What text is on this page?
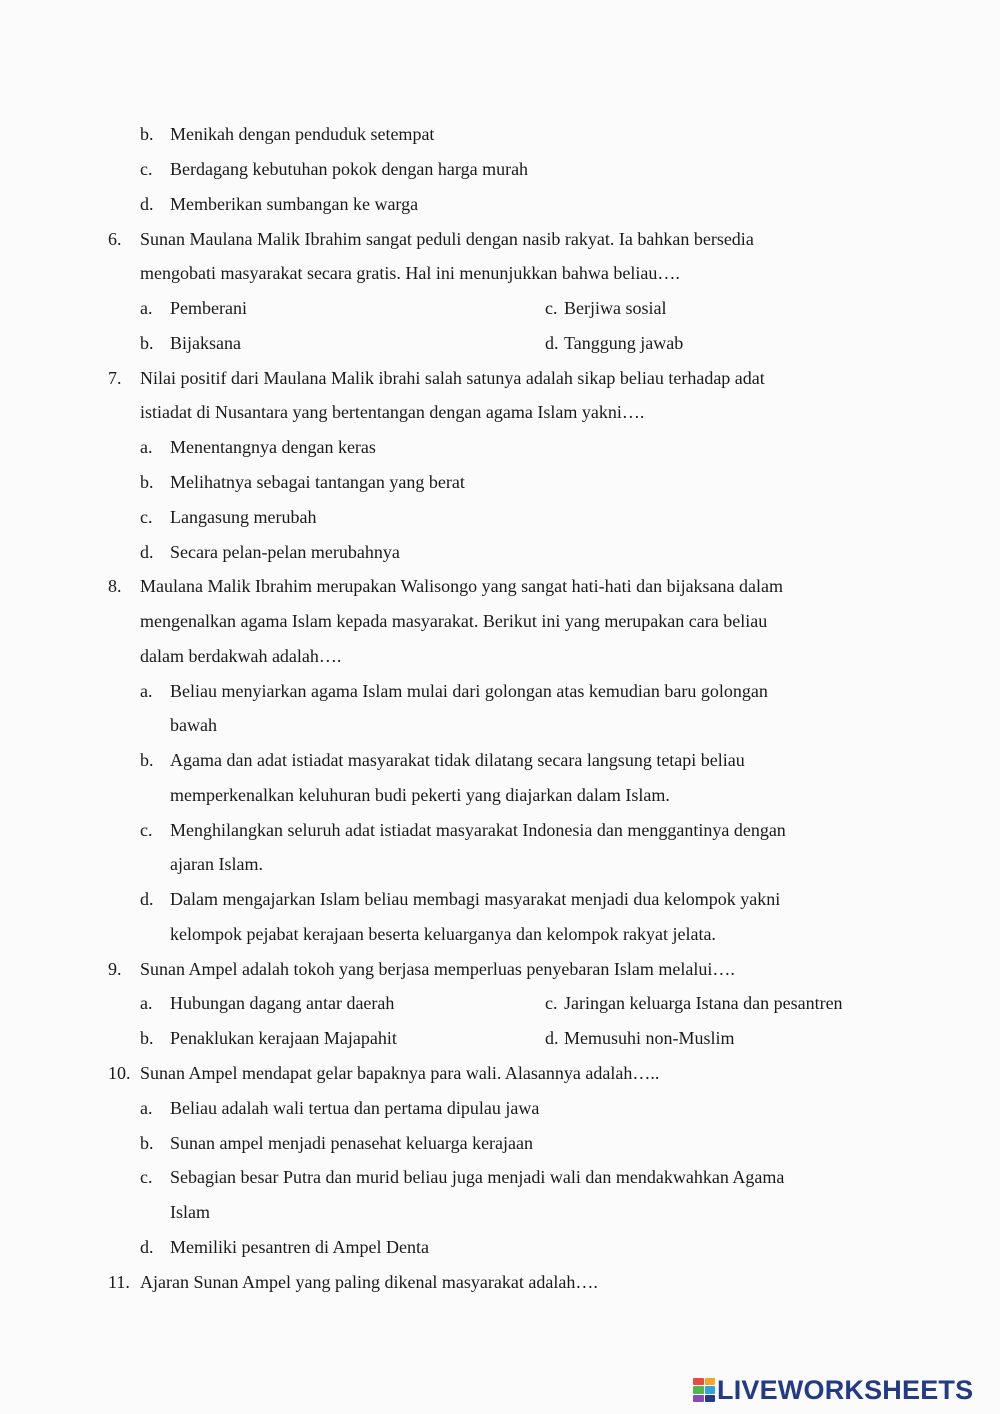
b. Menikah dengan penduduk setempat
c. Berdagang kebutuhan pokok dengan harga murah
d. Memberikan sumbangan ke warga
6. Sunan Maulana Malik Ibrahim sangat peduli dengan nasib rakyat. Ia bahkan bersedia
mengobati masyarakat secara gratis. Hal ini menunjukkan bahwa beliau….
a. Pemberani	c. Berjiwa sosial
b. Bijaksana	d. Tanggung jawab
7. Nilai positif dari Maulana Malik ibrahi salah satunya adalah sikap beliau terhadap adat
istiadat di Nusantara yang bertentangan dengan agama Islam yakni….
a. Menentangnya dengan keras
b. Melihatnya sebagai tantangan yang berat
c. Langasung merubah
d. Secara pelan-pelan merubahnya
8. Maulana Malik Ibrahim merupakan Walisongo yang sangat hati-hati dan bijaksana dalam
mengenalkan agama Islam kepada masyarakat. Berikut ini yang merupakan cara beliau
dalam berdakwah adalah….
a. Beliau menyiarkan agama Islam mulai dari golongan atas kemudian baru golongan
bawah
b. Agama dan adat istiadat masyarakat tidak dilatang secara langsung tetapi beliau
memperkenalkan keluhuran budi pekerti yang diajarkan dalam Islam.
c. Menghilangkan seluruh adat istiadat masyarakat Indonesia dan menggantinya dengan
ajaran Islam.
d. Dalam mengajarkan Islam beliau membagi masyarakat menjadi dua kelompok yakni
kelompok pejabat kerajaan beserta keluarganya dan kelompok rakyat jelata.
9. Sunan Ampel adalah tokoh yang berjasa memperluas penyebaran Islam melalui….
a. Hubungan dagang antar daerah	c. Jaringan keluarga Istana dan pesantren
b. Penaklukan kerajaan Majapahit	d. Memusuhi non-Muslim
10. Sunan Ampel mendapat gelar bapaknya para wali. Alasannya adalah…..
a. Beliau adalah wali tertua dan pertama dipulau jawa
b. Sunan ampel menjadi penasehat keluarga kerajaan
c. Sebagian besar Putra dan murid beliau juga menjadi wali dan mendakwahkan Agama
Islam
d. Memiliki pesantren di Ampel Denta
11. Ajaran Sunan Ampel yang paling dikenal masyarakat adalah….
LIVEWORKSHEETS
